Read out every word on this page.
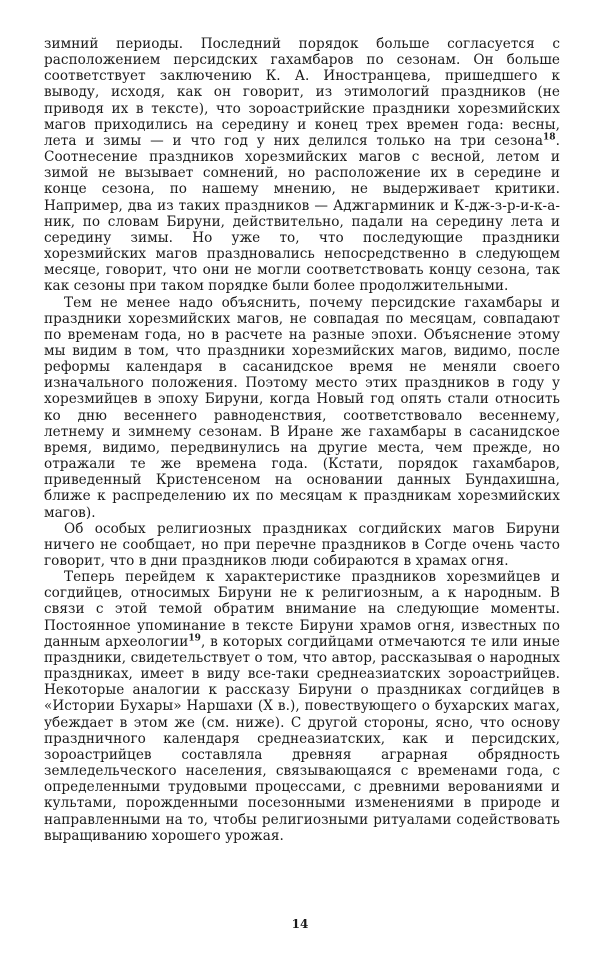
зимний периоды. Последний порядок больше согласуется с расположением персидских гахамбаров по сезонам. Он больше соответствует заключению К. А. Иностранцева, пришедшего к выводу, исходя, как он говорит, из этимологий праздников (не приводя их в тексте), что зороастрийские праздники хорезмийских магов приходились на середину и конец трех времен года: весны, лета и зимы — и что год у них делился только на три сезона$^{18}$. Соотнесение праздников хорезмийских магов с весной, летом и зимой не вызывает сомнений, но расположение их в середине и конце сезона, по нашему мнению, не выдерживает критики. Например, два из таких праздников — Аджгарминик и К-дж-з-р-и-к-а-ник, по словам Бируни, действительно, падали на середину лета и середину зимы. Но уже то, что последующие праздники хорезмийских магов праздновались непосредственно в следующем месяце, говорит, что они не могли соответствовать концу сезона, так как сезоны при таком порядке были более продолжительными.

Тем не менее надо объяснить, почему персидские гахамбары и праздники хорезмийских магов, не совпадая по месяцам, совпадают по временам года, но в расчете на разные эпохи. Объяснение этому мы видим в том, что праздники хорезмийских магов, видимо, после реформы календаря в сасанидское время не меняли своего изначального положения. Поэтому место этих праздников в году у хорезмийцев в эпоху Бируни, когда Новый год опять стали относить ко дню весеннего равноденствия, соответствовало весеннему, летнему и зимнему сезонам. В Иране же гахамбары в сасанидское время, видимо, передвинулись на другие места, чем прежде, но отражали те же времена года. (Кстати, порядок гахамбаров, приведенный Кристенсеном на основании данных Бундахишна, ближе к распределению их по месяцам к праздникам хорезмийских магов).

Об особых религиозных праздниках согдийских магов Бируни ничего не сообщает, но при перечне праздников в Согде очень часто говорит, что в дни праздников люди собираются в храмах огня.

Теперь перейдем к характеристике праздников хорезмийцев и согдийцев, относимых Бируни не к религиозным, а к народным. В связи с этой темой обратим внимание на следующие моменты. Постоянное упоминание в тексте Бируни храмов огня, известных по данным археологии$^{19}$, в которых согдийцами отмечаются те или иные праздники, свидетельствует о том, что автор, рассказывая о народных праздниках, имеет в виду все-таки среднеазиатских зороастрийцев. Некоторые аналогии к рассказу Бируни о праздниках согдийцев в «Истории Бухары» Наршахи (X в.), повествующего о бухарских магах, убеждает в этом же (см. ниже). С другой стороны, ясно, что основу праздничного календаря среднеазиатских, как и персидских, зороастрийцев составляла древняя аграрная обрядность земледельческого населения, связывающаяся с временами года, с определенными трудовыми процессами, с древними верованиями и культами, порожденными посезонными изменениями в природе и направленными на то, чтобы религиозными ритуалами содействовать выращиванию хорошего урожая.

14
